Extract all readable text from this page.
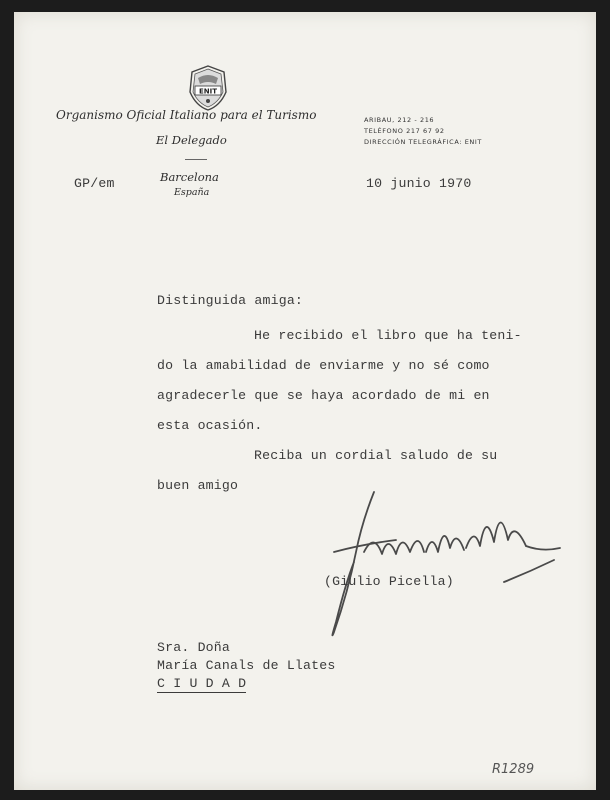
ENIT
Organismo Oficial Italiano para el Turismo
El Delegado
Barcelona
España
ARIBAU, 212 - 216
TELÉFONO 217 67 92
DIRECCIÓN TELEGRÁFICA: ENIT
GP/em	10 junio 1970
Distinguida amiga:
He recibido el libro que ha teni-
do la amabilidad de enviarme y no sé como
agradecerle que se haya acordado de mi en
esta ocasión.
Reciba un cordial saludo de su
buen amigo
(Giulio Picella)
Sra. Doña
María Canals de Llates
C I U D A D
R1289
